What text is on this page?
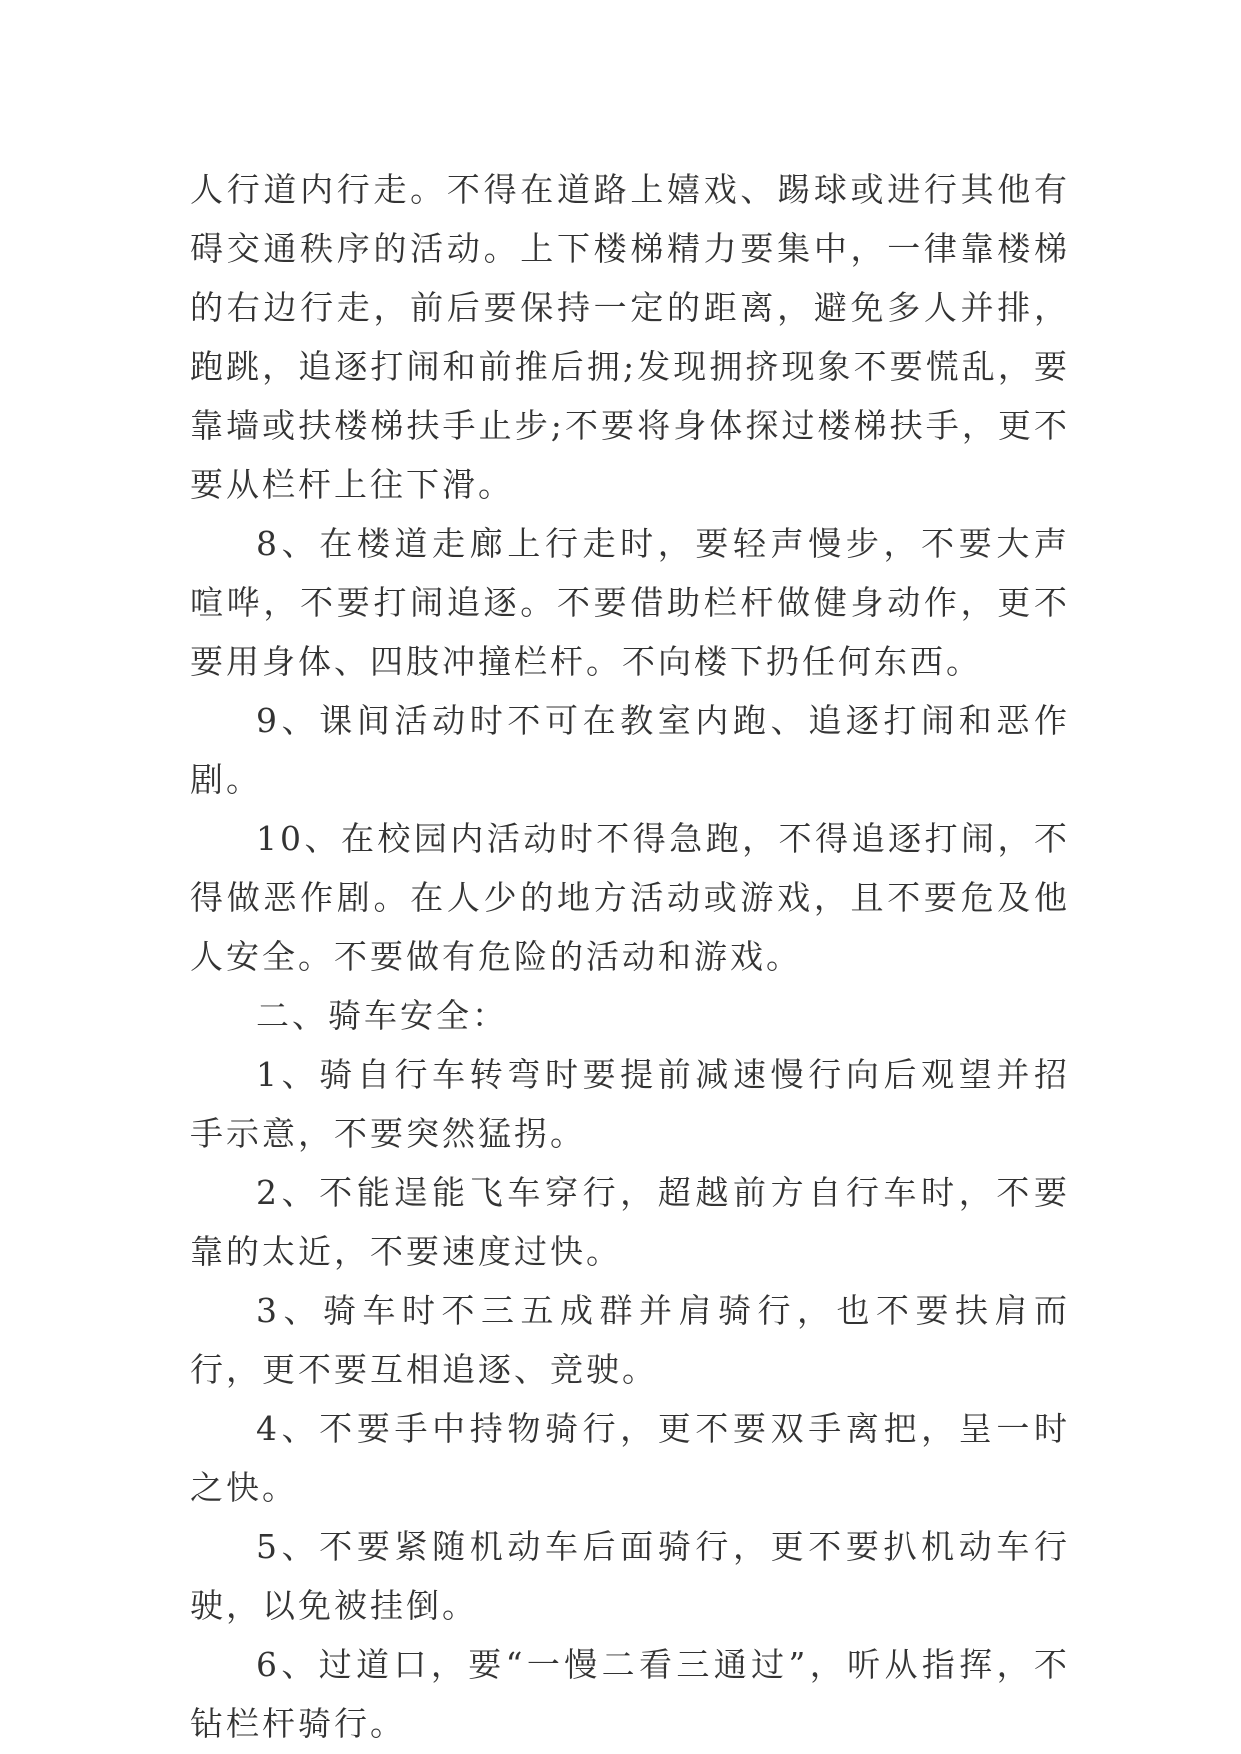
人行道内行走。不得在道路上嬉戏、踢球或进行其他有碍交通秩序的活动。上下楼梯精力要集中，一律靠楼梯的右边行走，前后要保持一定的距离，避免多人并排，跑跳，追逐打闹和前推后拥;发现拥挤现象不要慌乱，要靠墙或扶楼梯扶手止步;不要将身体探过楼梯扶手，更不要从栏杆上往下滑。

8、在楼道走廊上行走时，要轻声慢步，不要大声喧哗，不要打闹追逐。不要借助栏杆做健身动作，更不要用身体、四肢冲撞栏杆。不向楼下扔任何东西。

9、课间活动时不可在教室内跑、追逐打闹和恶作剧。

10、在校园内活动时不得急跑，不得追逐打闹，不得做恶作剧。在人少的地方活动或游戏，且不要危及他人安全。不要做有危险的活动和游戏。

二、骑车安全：

1、骑自行车转弯时要提前减速慢行向后观望并招手示意，不要突然猛拐。

2、不能逞能飞车穿行，超越前方自行车时，不要靠的太近，不要速度过快。

3、骑车时不三五成群并肩骑行，也不要扶肩而行，更不要互相追逐、竞驶。

4、不要手中持物骑行，更不要双手离把，呈一时之快。

5、不要紧随机动车后面骑行，更不要扒机动车行驶，以免被挂倒。

6、过道口，要“一慢二看三通过”，听从指挥，不钻栏杆骑行。
